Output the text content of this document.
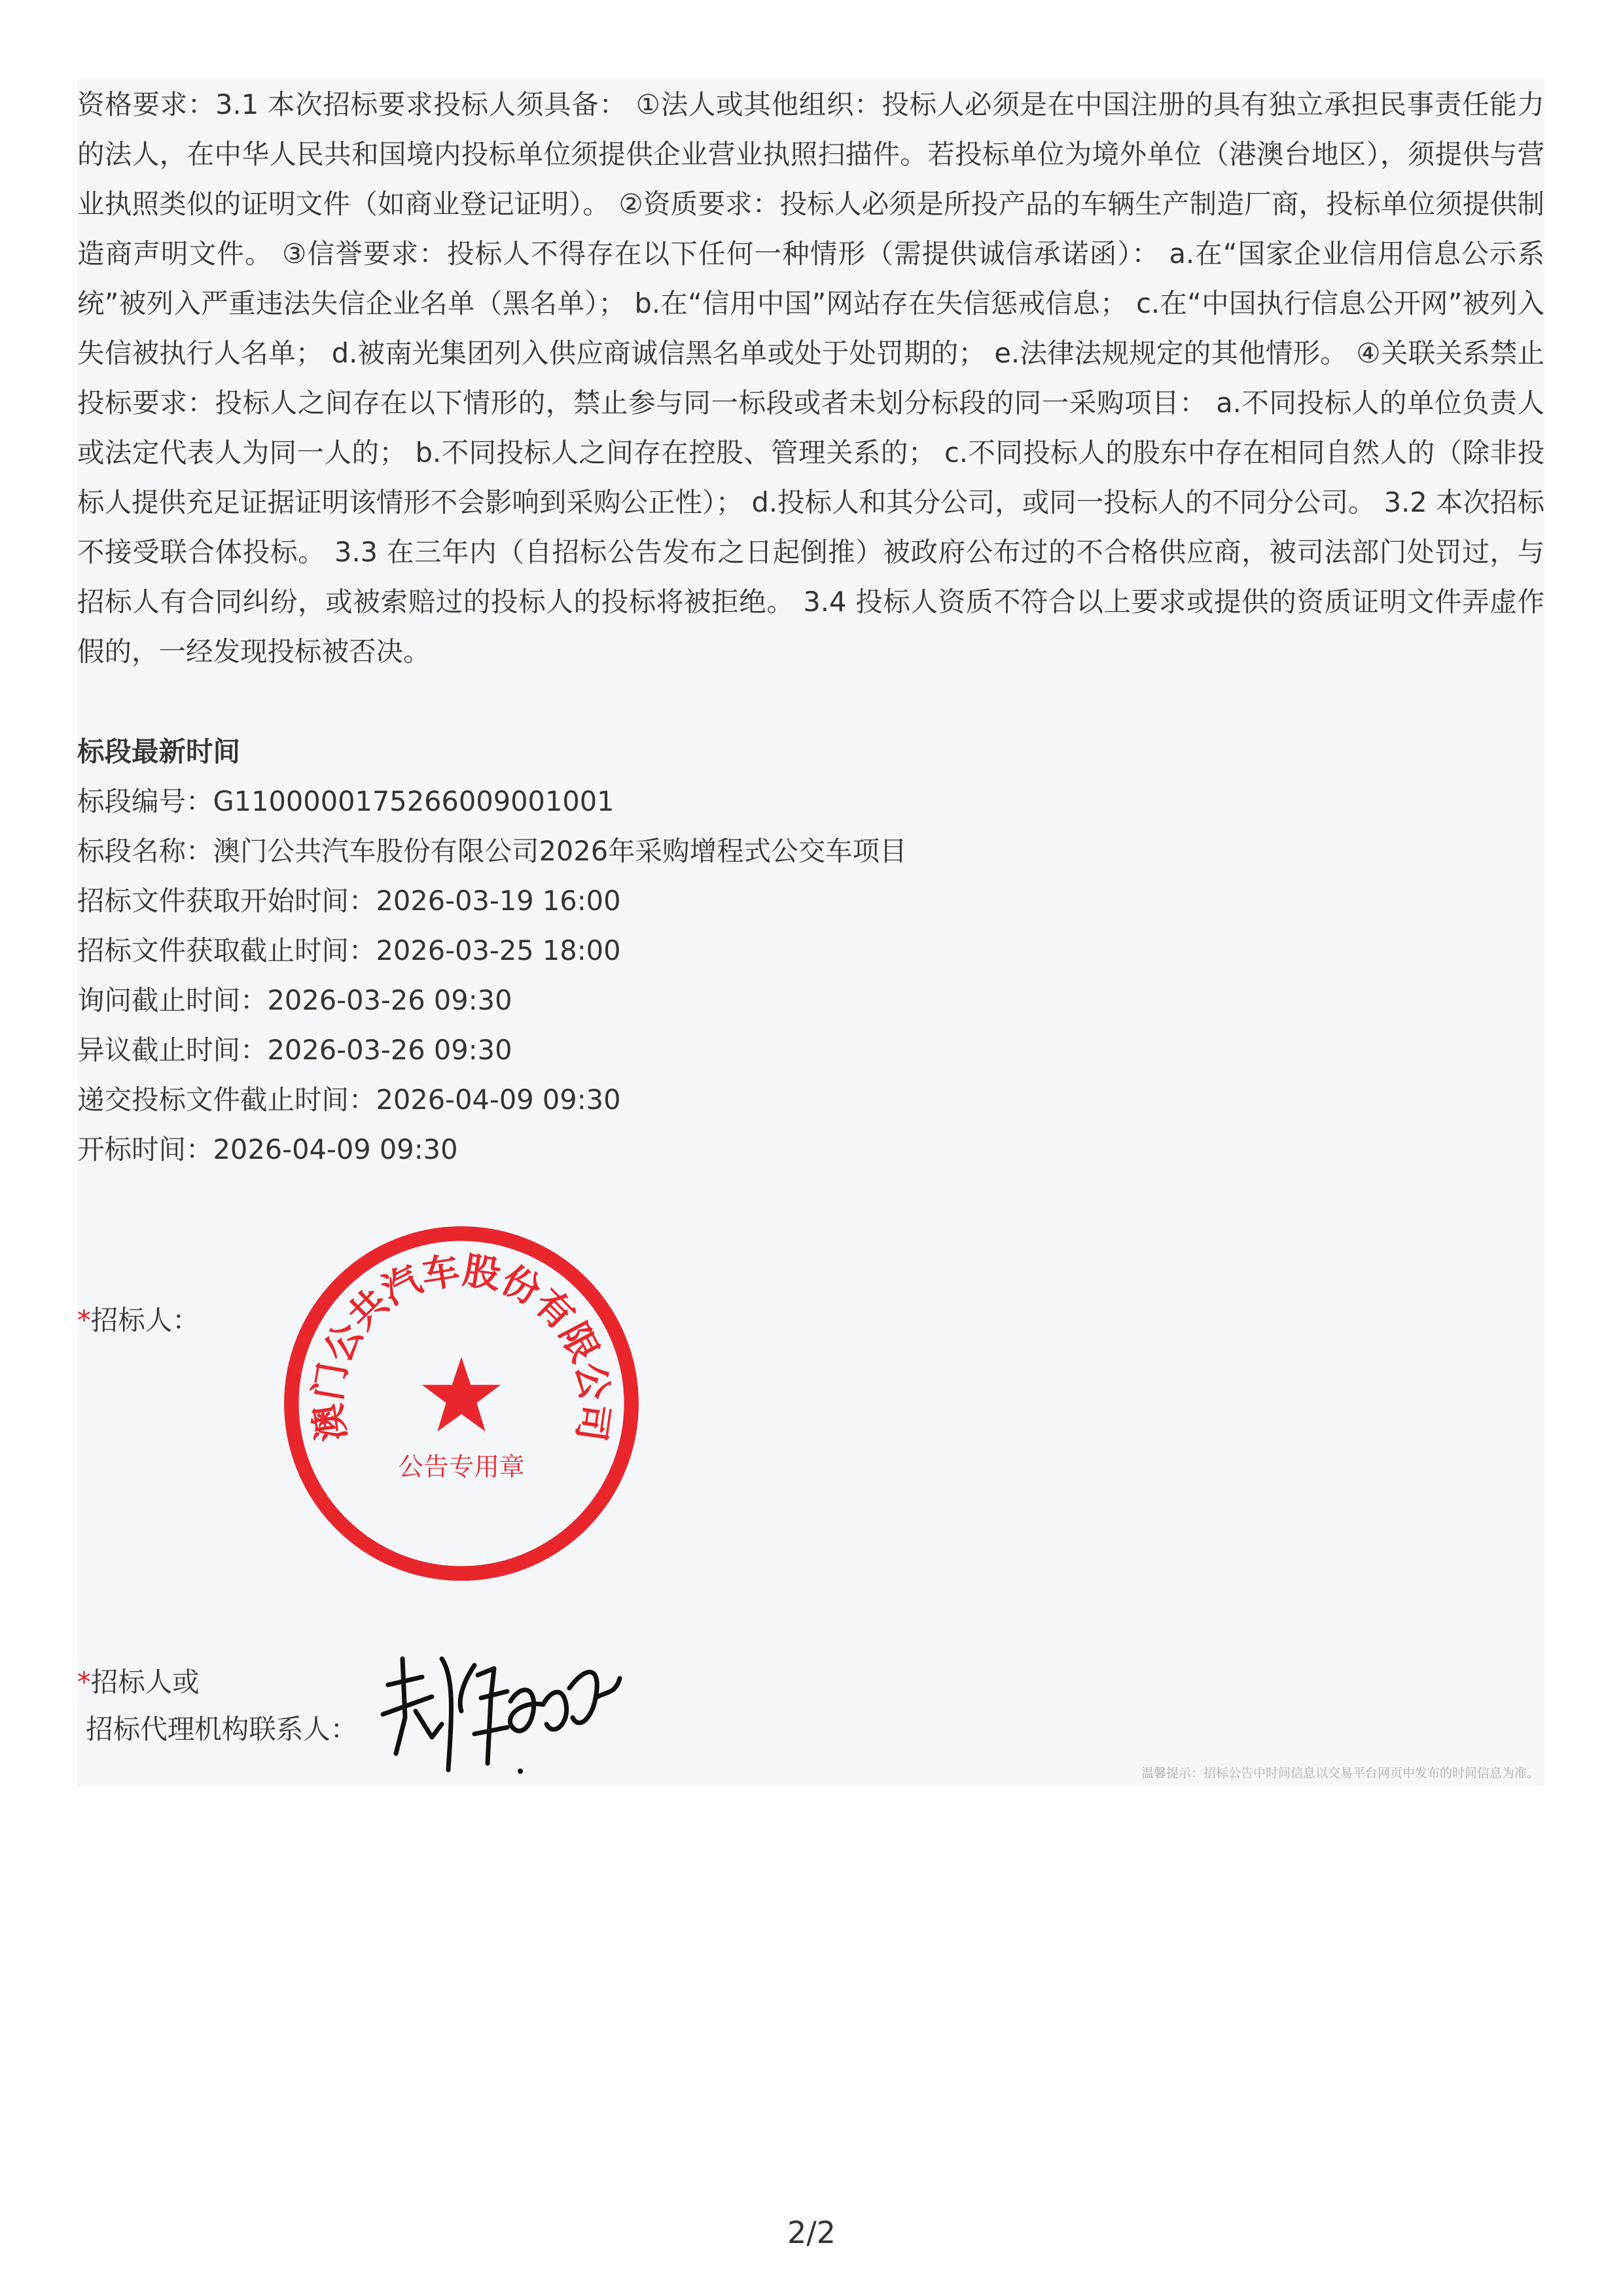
资格要求：3.1 本次招标要求投标人须具备： ①法人或其他组织：投标人必须是在中国注册的具有独立承担民事责任能力的法人，在中华人民共和国境内投标单位须提供企业营业执照扫描件。若投标单位为境外单位（港澳台地区），须提供与营业执照类似的证明文件（如商业登记证明）。 ②资质要求：投标人必须是所投产品的车辆生产制造厂商，投标单位须提供制造商声明文件。 ③信誉要求：投标人不得存在以下任何一种情形（需提供诚信承诺函）： a.在“国家企业信用信息公示系统”被列入严重违法失信企业名单（黑名单）； b.在“信用中国”网站存在失信惩戒信息； c.在“中国执行信息公开网”被列入失信被执行人名单； d.被南光集团列入供应商诚信黑名单或处于处罚期的； e.法律法规规定的其他情形。 ④关联关系禁止投标要求：投标人之间存在以下情形的，禁止参与同一标段或者未划分标段的同一采购项目： a.不同投标人的单位负责人或法定代表人为同一人的； b.不同投标人之间存在控股、管理关系的； c.不同投标人的股东中存在相同自然人的（除非投标人提供充足证据证明该情形不会影响到采购公正性）； d.投标人和其分公司，或同一投标人的不同分公司。 3.2 本次招标不接受联合体投标。 3.3 在三年内（自招标公告发布之日起倒推）被政府公布过的不合格供应商，被司法部门处罚过，与招标人有合同纠纷，或被索赔过的投标人的投标将被拒绝。 3.4 投标人资质不符合以上要求或提供的资质证明文件弄虚作假的，一经发现投标被否决。

标段最新时间
标段编号：G1100000175266009001001
标段名称：澳门公共汽车股份有限公司2026年采购增程式公交车项目
招标文件获取开始时间：2026-03-19 16:00
招标文件获取截止时间：2026-03-25 18:00
询问截止时间：2026-03-26 09:30
异议截止时间：2026-03-26 09:30
递交投标文件截止时间：2026-04-09 09:30
开标时间：2026-04-09 09:30
*招标人：
澳门公共汽车股份有限公司
公告专用章
*招标人或
招标代理机构联系人：
温馨提示：招标公告中时间信息以交易平台网页中发布的时间信息为准。
2/2
